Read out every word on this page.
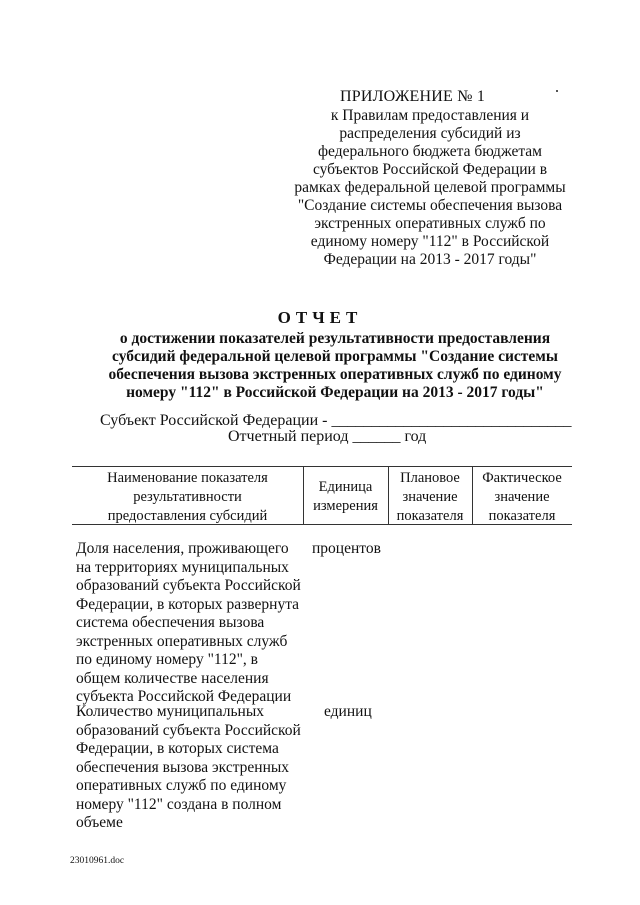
ПРИЛОЖЕНИЕ № 1
к Правилам предоставления и
распределения субсидий из
федерального бюджета бюджетам
субъектов Российской Федерации в
рамках федеральной целевой программы
"Создание системы обеспечения вызова
экстренных оперативных служб по
единому номеру "112" в Российской
Федерации на 2013 - 2017 годы"
ОТЧЕТ
о достижении показателей результативности предоставления
субсидий федеральной целевой программы "Создание системы
обеспечения вызова экстренных оперативных служб по единому
номеру "112" в Российской Федерации на 2013 - 2017 годы"
Субъект Российской Федерации - ______________________________
Отчетный период ______ год
Наименование показателя
результативности
предоставления субсидий
Единица
измерения
Плановое
значение
показателя
Фактическое
значение
показателя
Доля населения, проживающего
на территориях муниципальных
образований субъекта Российской
Федерации, в которых развернута
система обеспечения вызова
экстренных оперативных служб
по единому номеру "112", в
общем количестве населения
субъекта Российской Федерации
процентов
Количество муниципальных
образований субъекта Российской
Федерации, в которых система
обеспечения вызова экстренных
оперативных служб по единому
номеру "112" создана в полном
объеме
единиц
23010961.doc
